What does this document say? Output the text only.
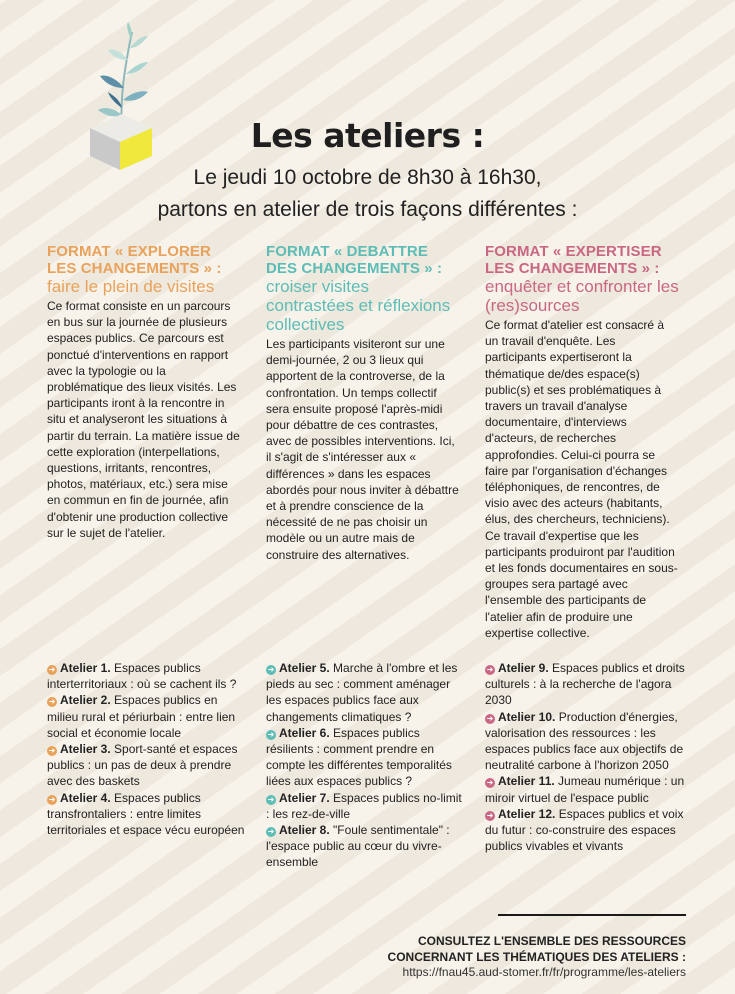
Les ateliers :
Le jeudi 10 octobre de 8h30 à 16h30,
partons en atelier de trois façons différentes :
FORMAT « EXPLORER LES CHANGEMENTS » :
faire le plein de visites
Ce format consiste en un parcours en bus sur la journée de plusieurs espaces publics. Ce parcours est ponctué d'interventions en rapport avec la typologie ou la problématique des lieux visités. Les participants iront à la rencontre in situ et analyseront les situations à partir du terrain. La matière issue de cette exploration (interpellations, questions, irritants, rencontres, photos, matériaux, etc.) sera mise en commun en fin de journée, afin d'obtenir une production collective sur le sujet de l'atelier.
FORMAT « DEBATTRE DES CHANGEMENTS » :
croiser visites contrastées et réflexions collectives
Les participants visiteront sur une demi-journée, 2 ou 3 lieux qui apportent de la controverse, de la confrontation. Un temps collectif sera ensuite proposé l'après-midi pour débattre de ces contrastes, avec de possibles interventions. Ici, il s'agit de s'intéresser aux « différences » dans les espaces abordés pour nous inviter à débattre et à prendre conscience de la nécessité de ne pas choisir un modèle ou un autre mais de construire des alternatives.
FORMAT « EXPERTISER LES CHANGEMENTS » :
enquêter et confronter les (res)sources
Ce format d'atelier est consacré à un travail d'enquête. Les participants expertiseront la thématique de/des espace(s) public(s) et ses problématiques à travers un travail d'analyse documentaire, d'interviews d'acteurs, de recherches approfondies. Celui-ci pourra se faire par l'organisation d'échanges téléphoniques, de rencontres, de visio avec des acteurs (habitants, élus, des chercheurs, techniciens). Ce travail d'expertise que les participants produiront par l'audition et les fonds documentaires en sous-groupes sera partagé avec l'ensemble des participants de l'atelier afin de produire une expertise collective.

➜ Atelier 1. Espaces publics interterritoriaux : où se cachent ils ?

➜ Atelier 2. Espaces publics en milieu rural et périurbain : entre lien social et économie locale

➜ Atelier 3. Sport-santé et espaces publics : un pas de deux à prendre avec des baskets

➜ Atelier 4. Espaces publics transfrontaliers : entre limites territoriales et espace vécu européen

➜ Atelier 5. Marche à l'ombre et les pieds au sec : comment aménager les espaces publics face aux changements climatiques ?

➜ Atelier 6. Espaces publics résilients : comment prendre en compte les différentes temporalités liées aux espaces publics ?

➜ Atelier 7. Espaces publics no-limit : les rez-de-ville

➜ Atelier 8. "Foule sentimentale" : l'espace public au cœur du vivre-ensemble

➜ Atelier 9. Espaces publics et droits culturels : à la recherche de l'agora 2030

➜ Atelier 10. Production d'énergies, valorisation des ressources : les espaces publics face aux objectifs de neutralité carbone à l'horizon 2050

➜ Atelier 11. Jumeau numérique : un miroir virtuel de l'espace public

➜ Atelier 12. Espaces publics et voix du futur : co-construire des espaces publics vivables et vivants

CONSULTEZ L'ENSEMBLE DES RESSOURCES
CONCERNANT LES THÉMATIQUES DES ATELIERS :
https://fnau45.aud-stomer.fr/fr/programme/les-ateliers
